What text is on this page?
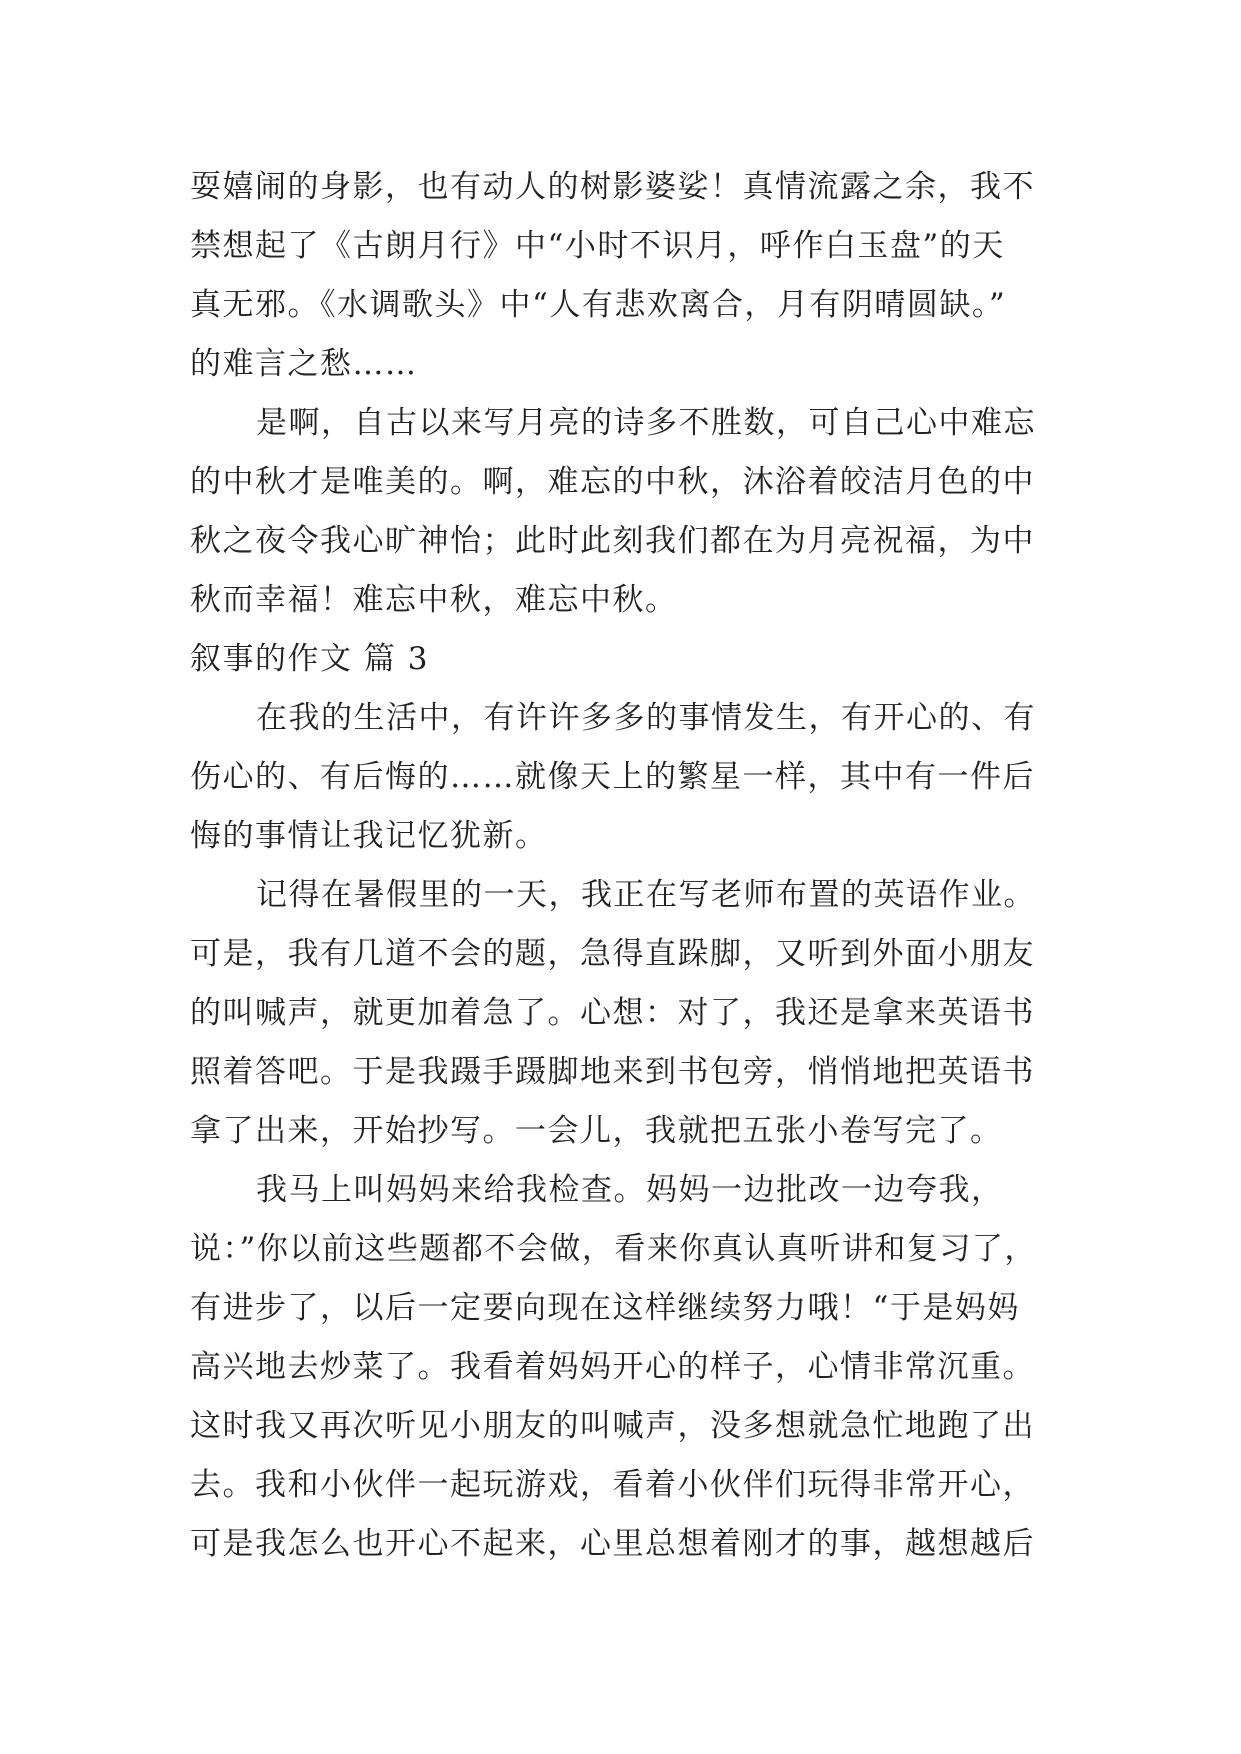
耍嬉闹的身影，也有动人的树影婆娑！真情流露之余，我不
禁想起了《古朗月行》中“小时不识月，呼作白玉盘”的天
真无邪。《水调歌头》中“人有悲欢离合，月有阴晴圆缺。”
的难言之愁……
是啊，自古以来写月亮的诗多不胜数，可自己心中难忘
的中秋才是唯美的。啊，难忘的中秋，沐浴着皎洁月色的中
秋之夜令我心旷神怡；此时此刻我们都在为月亮祝福，为中
秋而幸福！难忘中秋，难忘中秋。
叙事的作文 篇 3
在我的生活中，有许许多多的事情发生，有开心的、有
伤心的、有后悔的……就像天上的繁星一样，其中有一件后
悔的事情让我记忆犹新。
记得在暑假里的一天，我正在写老师布置的英语作业。
可是，我有几道不会的题，急得直跺脚，又听到外面小朋友
的叫喊声，就更加着急了。心想：对了，我还是拿来英语书
照着答吧。于是我蹑手蹑脚地来到书包旁，悄悄地把英语书
拿了出来，开始抄写。一会儿，我就把五张小卷写完了。
我马上叫妈妈来给我检查。妈妈一边批改一边夸我，
说：”你以前这些题都不会做，看来你真认真听讲和复习了，
有进步了，以后一定要向现在这样继续努力哦！“于是妈妈
高兴地去炒菜了。我看着妈妈开心的样子，心情非常沉重。
这时我又再次听见小朋友的叫喊声，没多想就急忙地跑了出
去。我和小伙伴一起玩游戏，看着小伙伴们玩得非常开心，
可是我怎么也开心不起来，心里总想着刚才的事，越想越后
